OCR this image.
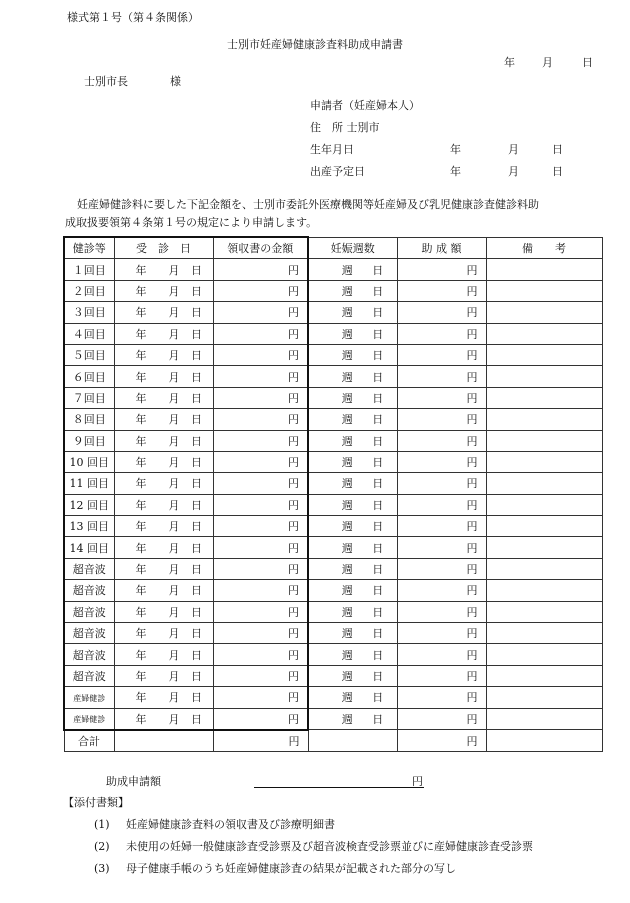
様式第１号（第４条関係）
士別市妊産婦健康診査料助成申請書
年 月	日
士別市長	様
申請者（妊産婦本人）
住　所
士別市
生年月日	年	月	日
出産予定日	年	月	日
妊産婦健診料に要した下記金額を、士別市委託外医療機関等妊産婦及び乳児健康診査健診料助
成取扱要領第４条第１号の規定により申請します。
健診等	受　診　日	領収書の金額	妊娠週数	助 成 額	備　　考
１回目	年 月 日	円	週 日	円	

２回目	年 月 日	円	週 日	円	

３回目	年 月 日	円	週 日	円	

４回目	年 月 日	円	週 日	円	

５回目	年 月 日	円	週 日	円	

６回目	年 月 日	円	週 日	円	

７回目	年 月 日	円	週 日	円	

８回目	年 月 日	円	週 日	円	

９回目	年 月 日	円	週 日	円	

10 回目	年 月 日	円	週 日	円	

11 回目	年 月 日	円	週 日	円	

12 回目	年 月 日	円	週 日	円	

13 回目	年 月 日	円	週 日	円	

14 回目	年 月 日	円	週 日	円	

超音波	年 月 日	円	週 日	円	

超音波	年 月 日	円	週 日	円	

超音波	年 月 日	円	週 日	円	

超音波	年 月 日	円	週 日	円	

超音波	年 月 日	円	週 日	円	

超音波	年 月 日	円	週 日	円	

産婦健診	年 月 日	円	週 日	円	

産婦健診	年 月 日	円	週 日	円	

合計		円		円	

助成申請額	円
【添付書類】
(1) 妊産婦健康診査料の領収書及び診療明細書
(2) 未使用の妊婦一般健康診査受診票及び超音波検査受診票並びに産婦健康診査受診票
(3) 母子健康手帳のうち妊産婦健康診査の結果が記載された部分の写し
